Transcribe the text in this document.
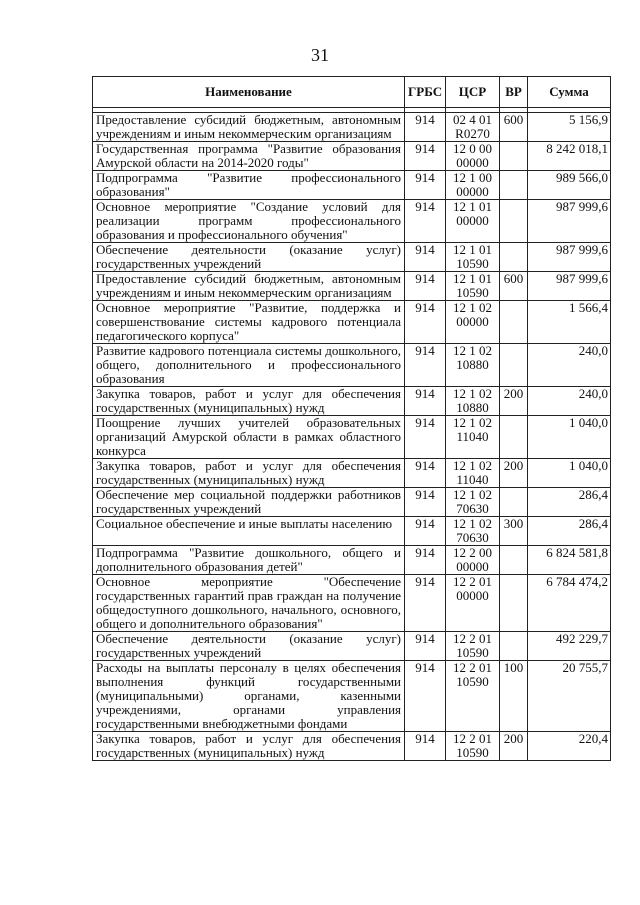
31
Наименование	ГРБС	ЦСР	ВР	Сумма

Предоставление субсидий бюджетным, автономным учреждениям и иным некоммерческим организациям	914	02 4 01 R0270	600	5 156,9
Государственная программа "Развитие образования Амурской области на 2014-2020 годы"	914	12 0 00 00000		8 242 018,1
Подпрограмма "Развитие профессионального образования"	914	12 1 00 00000		989 566,0
Основное мероприятие "Создание условий для реализации программ профессионального образования и профессионального обучения"	914	12 1 01 00000		987 999,6
Обеспечение деятельности (оказание услуг) государственных учреждений	914	12 1 01 10590		987 999,6
Предоставление субсидий бюджетным, автономным учреждениям и иным некоммерческим организациям	914	12 1 01 10590	600	987 999,6
Основное мероприятие "Развитие, поддержка и совершенствование системы кадрового потенциала педагогического корпуса"	914	12 1 02 00000		1 566,4
Развитие кадрового потенциала системы дошкольного, общего, дополнительного и профессионального образования	914	12 1 02 10880		240,0
Закупка товаров, работ и услуг для обеспечения государственных (муниципальных) нужд	914	12 1 02 10880	200	240,0
Поощрение лучших учителей образовательных организаций Амурской области в рамках областного конкурса	914	12 1 02 11040		1 040,0
Закупка товаров, работ и услуг для обеспечения государственных (муниципальных) нужд	914	12 1 02 11040	200	1 040,0
Обеспечение мер социальной поддержки работников государственных учреждений	914	12 1 02 70630		286,4
Социальное обеспечение и иные выплаты населению	914	12 1 02 70630	300	286,4
Подпрограмма "Развитие дошкольного, общего и дополнительного образования детей"	914	12 2 00 00000		6 824 581,8
Основное мероприятие "Обеспечение государственных гарантий прав граждан на получение общедоступного дошкольного, начального, основного, общего и дополнительного образования"	914	12 2 01 00000		6 784 474,2
Обеспечение деятельности (оказание услуг) государственных учреждений	914	12 2 01 10590		492 229,7
Расходы на выплаты персоналу в целях обеспечения выполнения функций государственными (муниципальными) органами, казенными учреждениями, органами управления государственными внебюджетными фондами	914	12 2 01 10590	100	20 755,7
Закупка товаров, работ и услуг для обеспечения государственных (муниципальных) нужд	914	12 2 01 10590	200	220,4
